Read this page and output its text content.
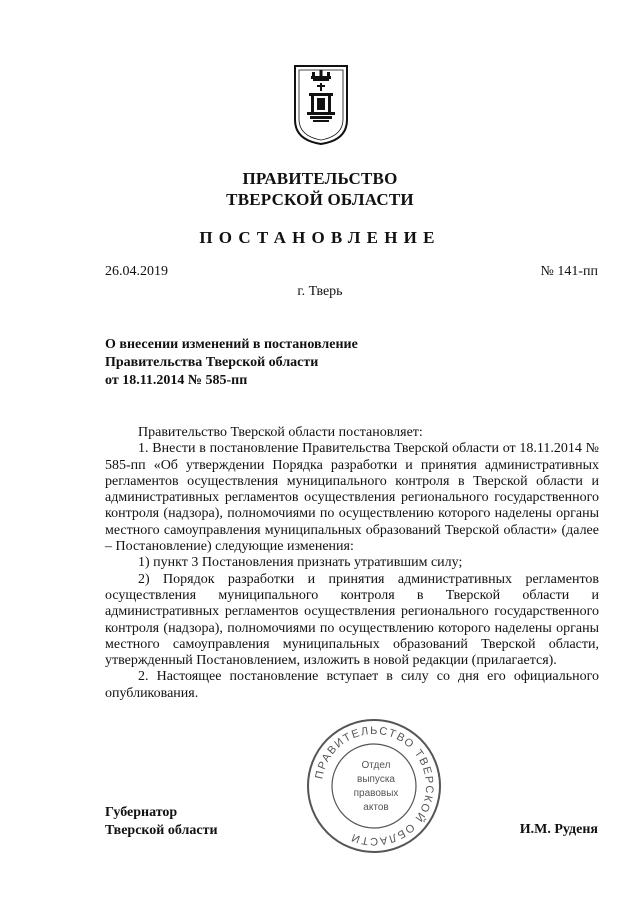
ПРАВИТЕЛЬСТВО
ТВЕРСКОЙ ОБЛАСТИ
ПОСТАНОВЛЕНИЕ
26.04.2019	№ 141-пп
г. Тверь
О внесении изменений в постановление
Правительства Тверской области
от 18.11.2014 № 585-пп

Правительство Тверской области постановляет:

1. Внести в постановление Правительства Тверской области от 18.11.2014 № 585-пп «Об утверждении Порядка разработки и принятия административных регламентов осуществления муниципального контроля в Тверской области и административных регламентов осуществления регионального государственного контроля (надзора), полномочиями по осуществлению которого наделены органы местного самоуправления муниципальных образований Тверской области» (далее – Постановление) следующие изменения:

1) пункт 3 Постановления признать утратившим силу;

2) Порядок разработки и принятия административных регламентов осуществления муниципального контроля в Тверской области и административных регламентов осуществления регионального государственного контроля (надзора), полномочиями по осуществлению которого наделены органы местного самоуправления муниципальных образований Тверской области, утвержденный Постановлением, изложить в новой редакции (прилагается).

2. Настоящее постановление вступает в силу со дня его официального опубликования.

ПРАВИТЕЛЬСТВО ТВЕРСКОЙ ОБЛАСТИ
Отдел
выпуска
правовых
актов
Губернатор
Тверской области	И.М. Руденя
